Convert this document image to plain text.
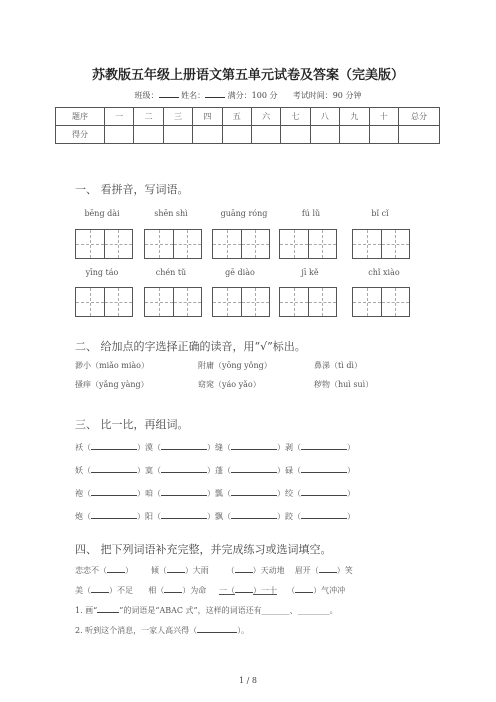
苏教版五年级上册语文第五单元试卷及答案（完美版）
班级：	姓名：	满分：100 分 考试时间：90 分钟
题序	一	二	三	四	五	六	七	八	九	十	总分
得分											
一、 看拼音，写词语。
bēng dài	shēn shì	guāng róng	fú lǔ	bǐ cǐ
yīng táo	chén tǔ	gē diào	jī kě	chǐ xiào
二、 给加点的字选择正确的读音，用“√”标出。
渺小（miǎo miào）	附庸（yōng yǒng）	鼻涕（tì dì）
搔痒（yǎng yàng）	窈窕（yáo yǎo）	秽物（huì suì）
三、 比一比，再组词。
袄（	）漠（	）缝（	）剥（	）
妖（	）寞（	）蓬（	）碌（	）
袍（	）咱（	）瓢（	）绞（	）
炮（	）阳（	）飘（	）跤（	）
四、 把下列词语补充完整，并完成练习或选词填空。
恋恋不（ ） 倾（ ）大雨 （ ）天动地 眉开（ ）笑
美（ ）不足 相（ ）为命 一（ ）一十 （ ）气冲冲
1. 画“	”的词语是“ABAC 式”，这样的词语还有_______、________。
2. 听到这个消息，一家人高兴得（	）。
1 / 8
